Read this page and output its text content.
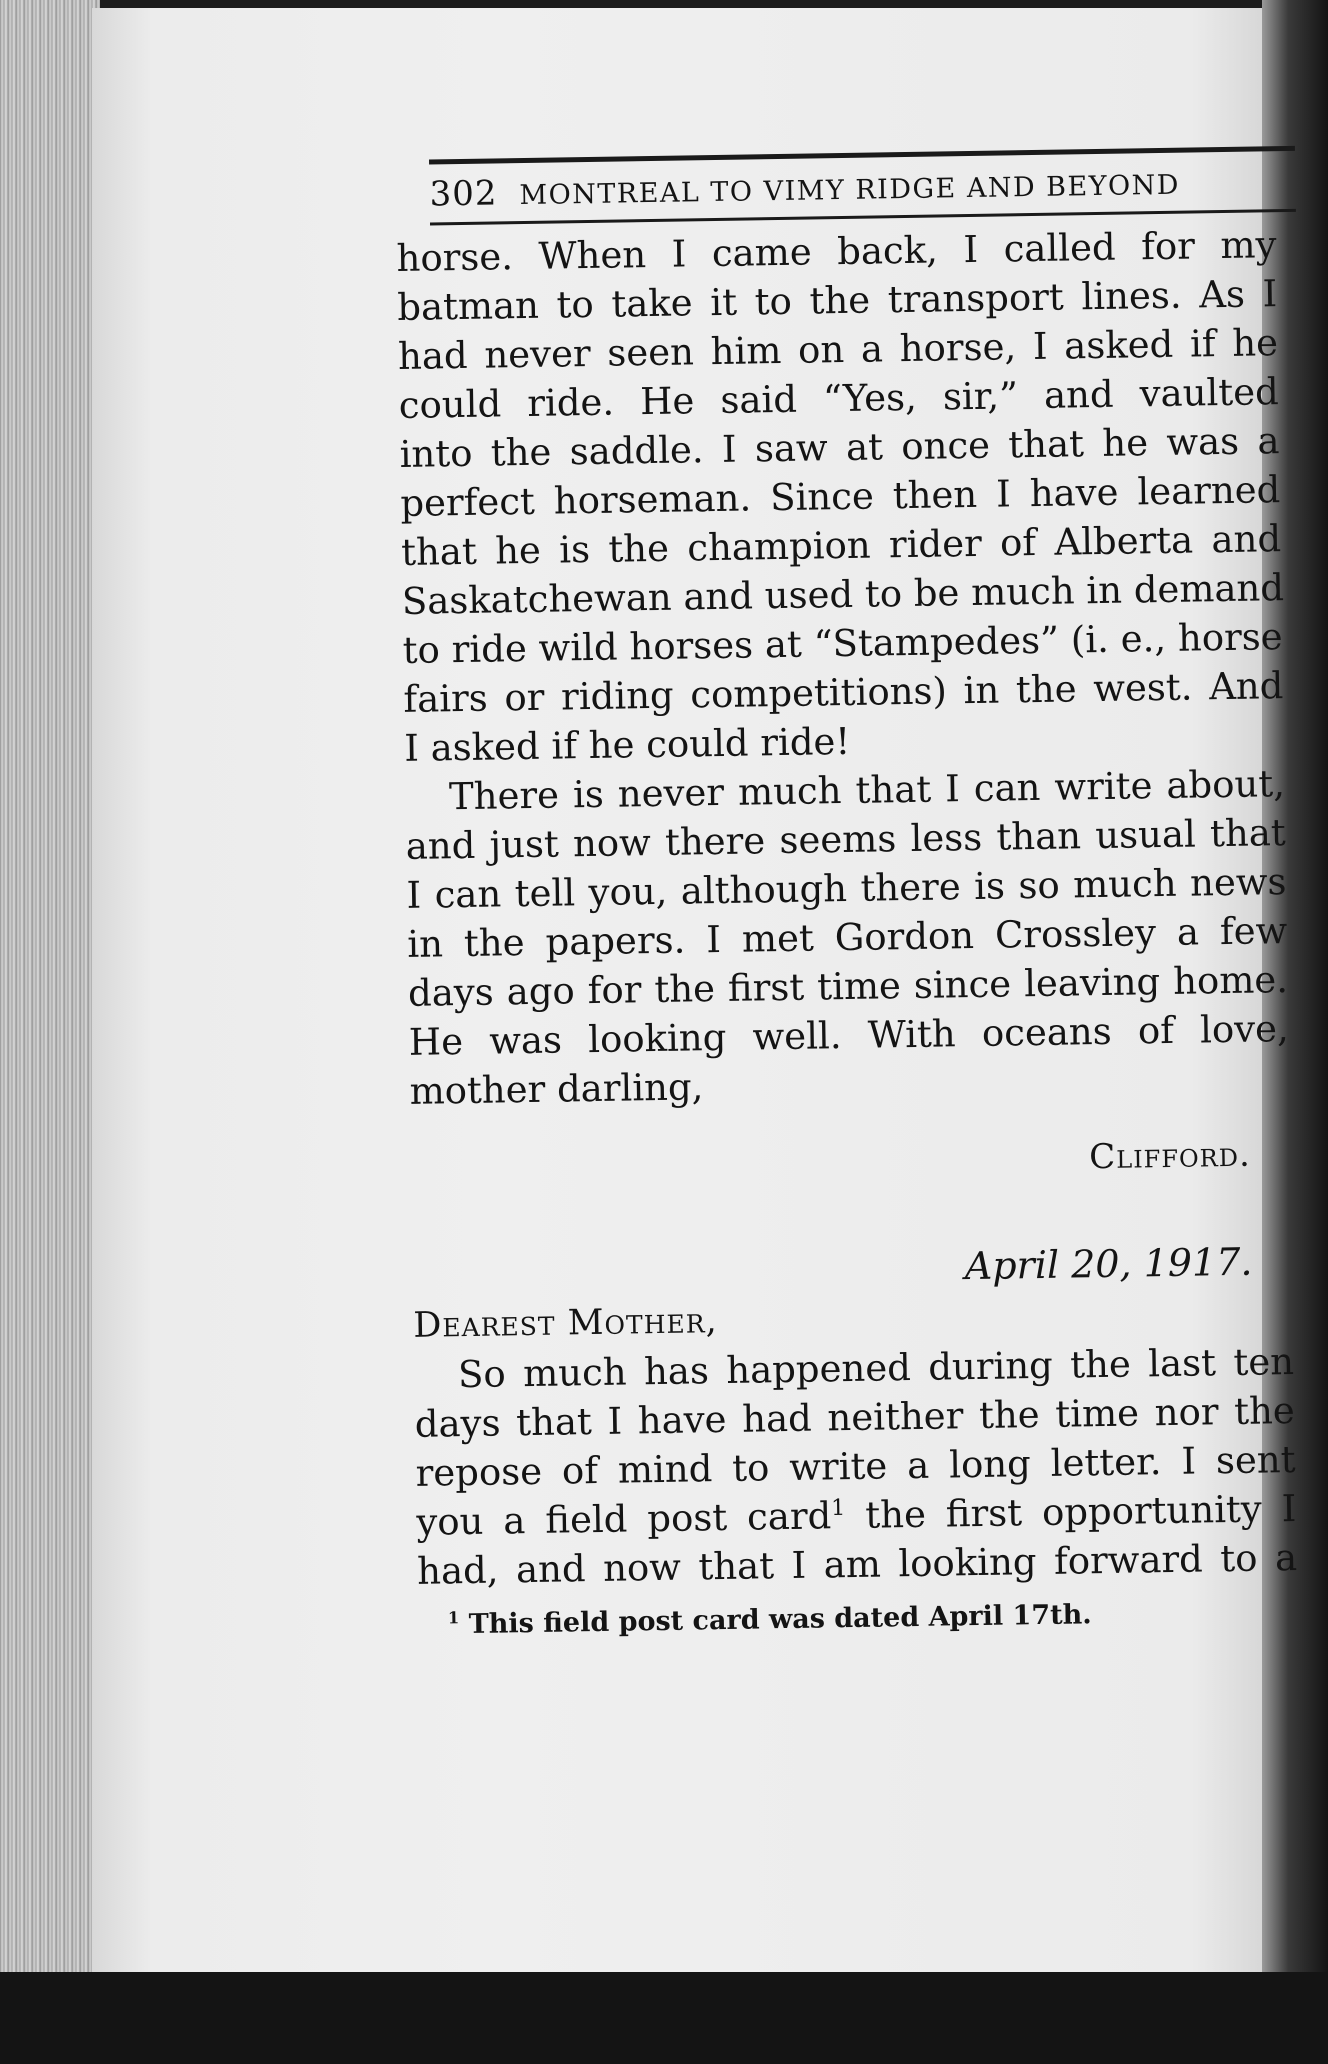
302 MONTREAL TO VIMY RIDGE AND BEYOND
horse. When I came back, I called for my
batman to take it to the transport lines. As I
had never seen him on a horse, I asked if he
could ride. He said “Yes, sir,” and vaulted
into the saddle. I saw at once that he was a
perfect horseman. Since then I have learned
that he is the champion rider of Alberta and
Saskatchewan and used to be much in demand
to ride wild horses at “Stampedes” (i. e., horse
fairs or riding competitions) in the west. And
I asked if he could ride!
There is never much that I can write about,
and just now there seems less than usual that
I can tell you, although there is so much news
in the papers. I met Gordon Crossley a few
days ago for the first time since leaving home.
He was looking well. With oceans of love,
mother darling,
Clifford.
April 20, 1917.
Dearest Mother,
So much has happened during the last ten
days that I have had neither the time nor the
repose of mind to write a long letter. I sent
you a field post card$^1$ the first opportunity I
had, and now that I am looking forward to a
$^1$ This field post card was dated April 17th.
